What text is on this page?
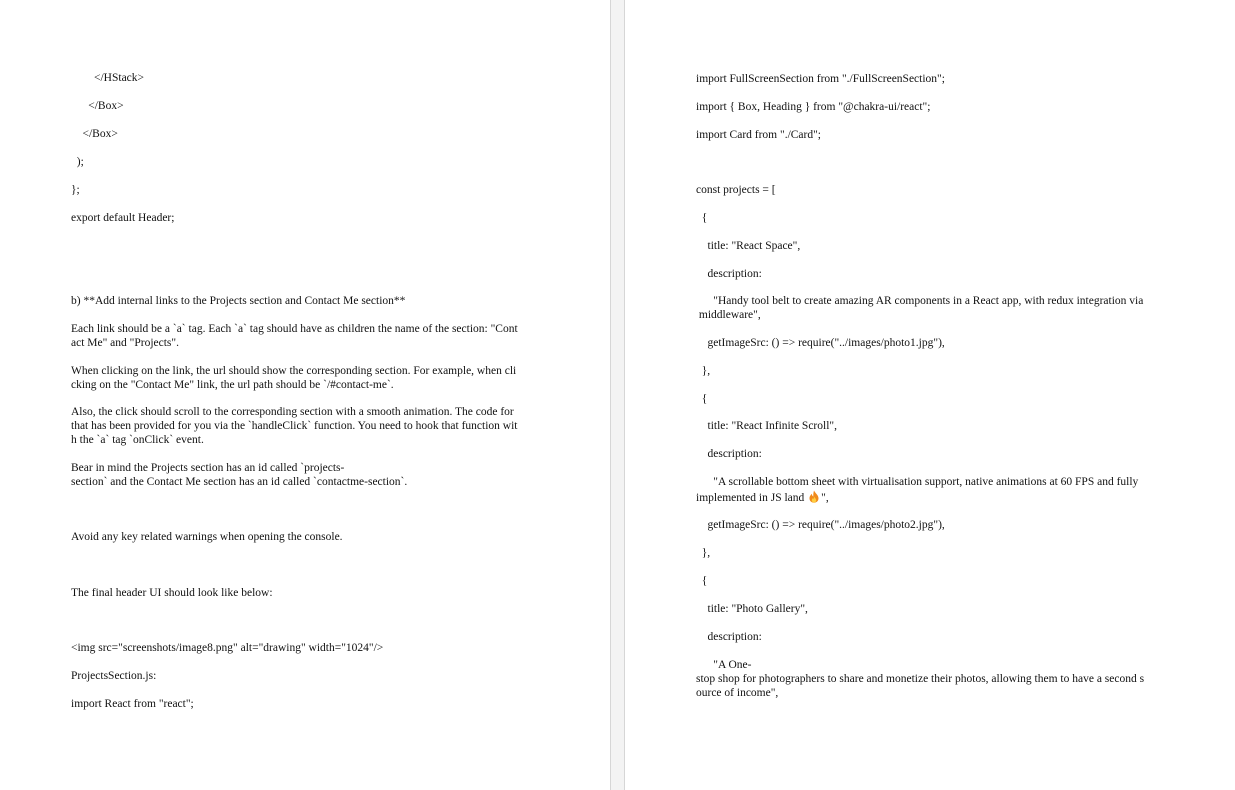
</HStack>

</Box>

</Box>

);

};

export default Header;

b) **Add internal links to the Projects section and Contact Me section**

Each link should be a `a` tag. Each `a` tag should have as children the name of the section: "Cont

act Me" and "Projects".

When clicking on the link, the url should show the corresponding section. For example, when cli

cking on the "Contact Me" link, the url path should be `/#contact-me`.

Also, the click should scroll to the corresponding section with a smooth animation. The code for

that has been provided for you via the `handleClick` function. You need to hook that function wit

h the `a` tag `onClick` event.

Bear in mind the Projects section has an id called `projects-

section` and the Contact Me section has an id called `contactme-section`.

Avoid any key related warnings when opening the console.

The final header UI should look like below:

<img src="screenshots/image8.png" alt="drawing" width="1024"/>

ProjectsSection.js:

import React from "react";

import FullScreenSection from "./FullScreenSection";

import { Box, Heading } from "@chakra-ui/react";

import Card from "./Card";

const projects = [

{

title: "React Space",

description:

"Handy tool belt to create amazing AR components in a React app, with redux integration via

middleware",

getImageSrc: () => require("../images/photo1.jpg"),

},

{

title: "React Infinite Scroll",

description:

"A scrollable bottom sheet with virtualisation support, native animations at 60 FPS and fully

implemented in JS land ",

getImageSrc: () => require("../images/photo2.jpg"),

},

{

title: "Photo Gallery",

description:

"A One-

stop shop for photographers to share and monetize their photos, allowing them to have a second s

ource of income",
